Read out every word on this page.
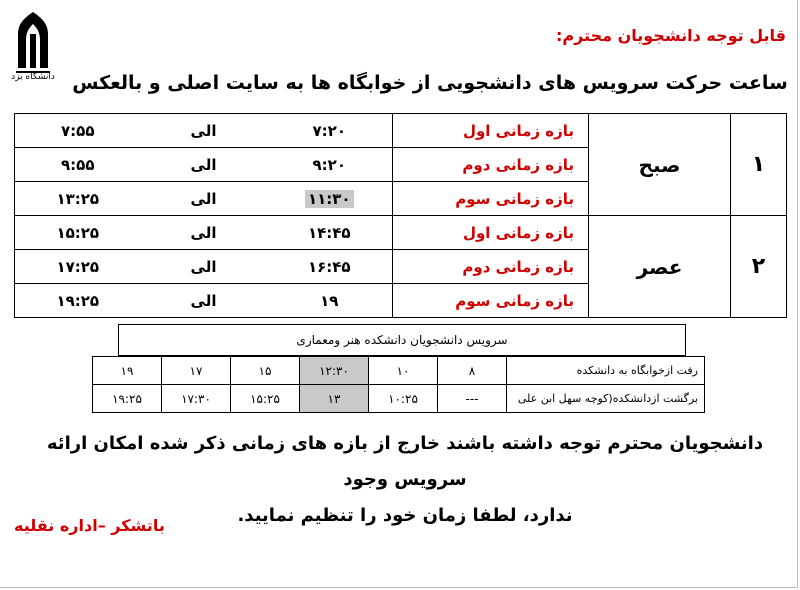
دانشگاه یزد
قابل توجه دانشجویان محترم:
ساعت حرکت سرویس های دانشجویی از خوابگاه ها به سایت اصلی و بالعکس
۱	صبح	بازه زمانی اول	۷:۲۰	الی	۷:۵۵
		بازه زمانی دوم	۹:۲۰	الی	۹:۵۵
		بازه زمانی سوم	۱۱:۳۰	الی	۱۳:۲۵
۲	عصر	بازه زمانی اول	۱۴:۴۵	الی	۱۵:۲۵
		بازه زمانی دوم	۱۶:۴۵	الی	۱۷:۲۵
		بازه زمانی سوم	۱۹	الی	۱۹:۲۵
سرویس دانشجویان دانشکده هنر ومعماری
رفت ازخوابگاه به دانشکده	۸	۱۰	۱۲:۳۰	۱۵	۱۷	۱۹
برگشت ازدانشکده(کوچه سهل ابن علی	---	۱۰:۲۵	۱۳	۱۵:۲۵	۱۷:۳۰	۱۹:۲۵
دانشجویان محترم توجه داشته باشند خارج از بازه های زمانی ذکر شده امکان ارائه سرویس وجود
ندارد، لطفا زمان خود را تنظیم نمایید.
باتشکر –اداره نقلیه
